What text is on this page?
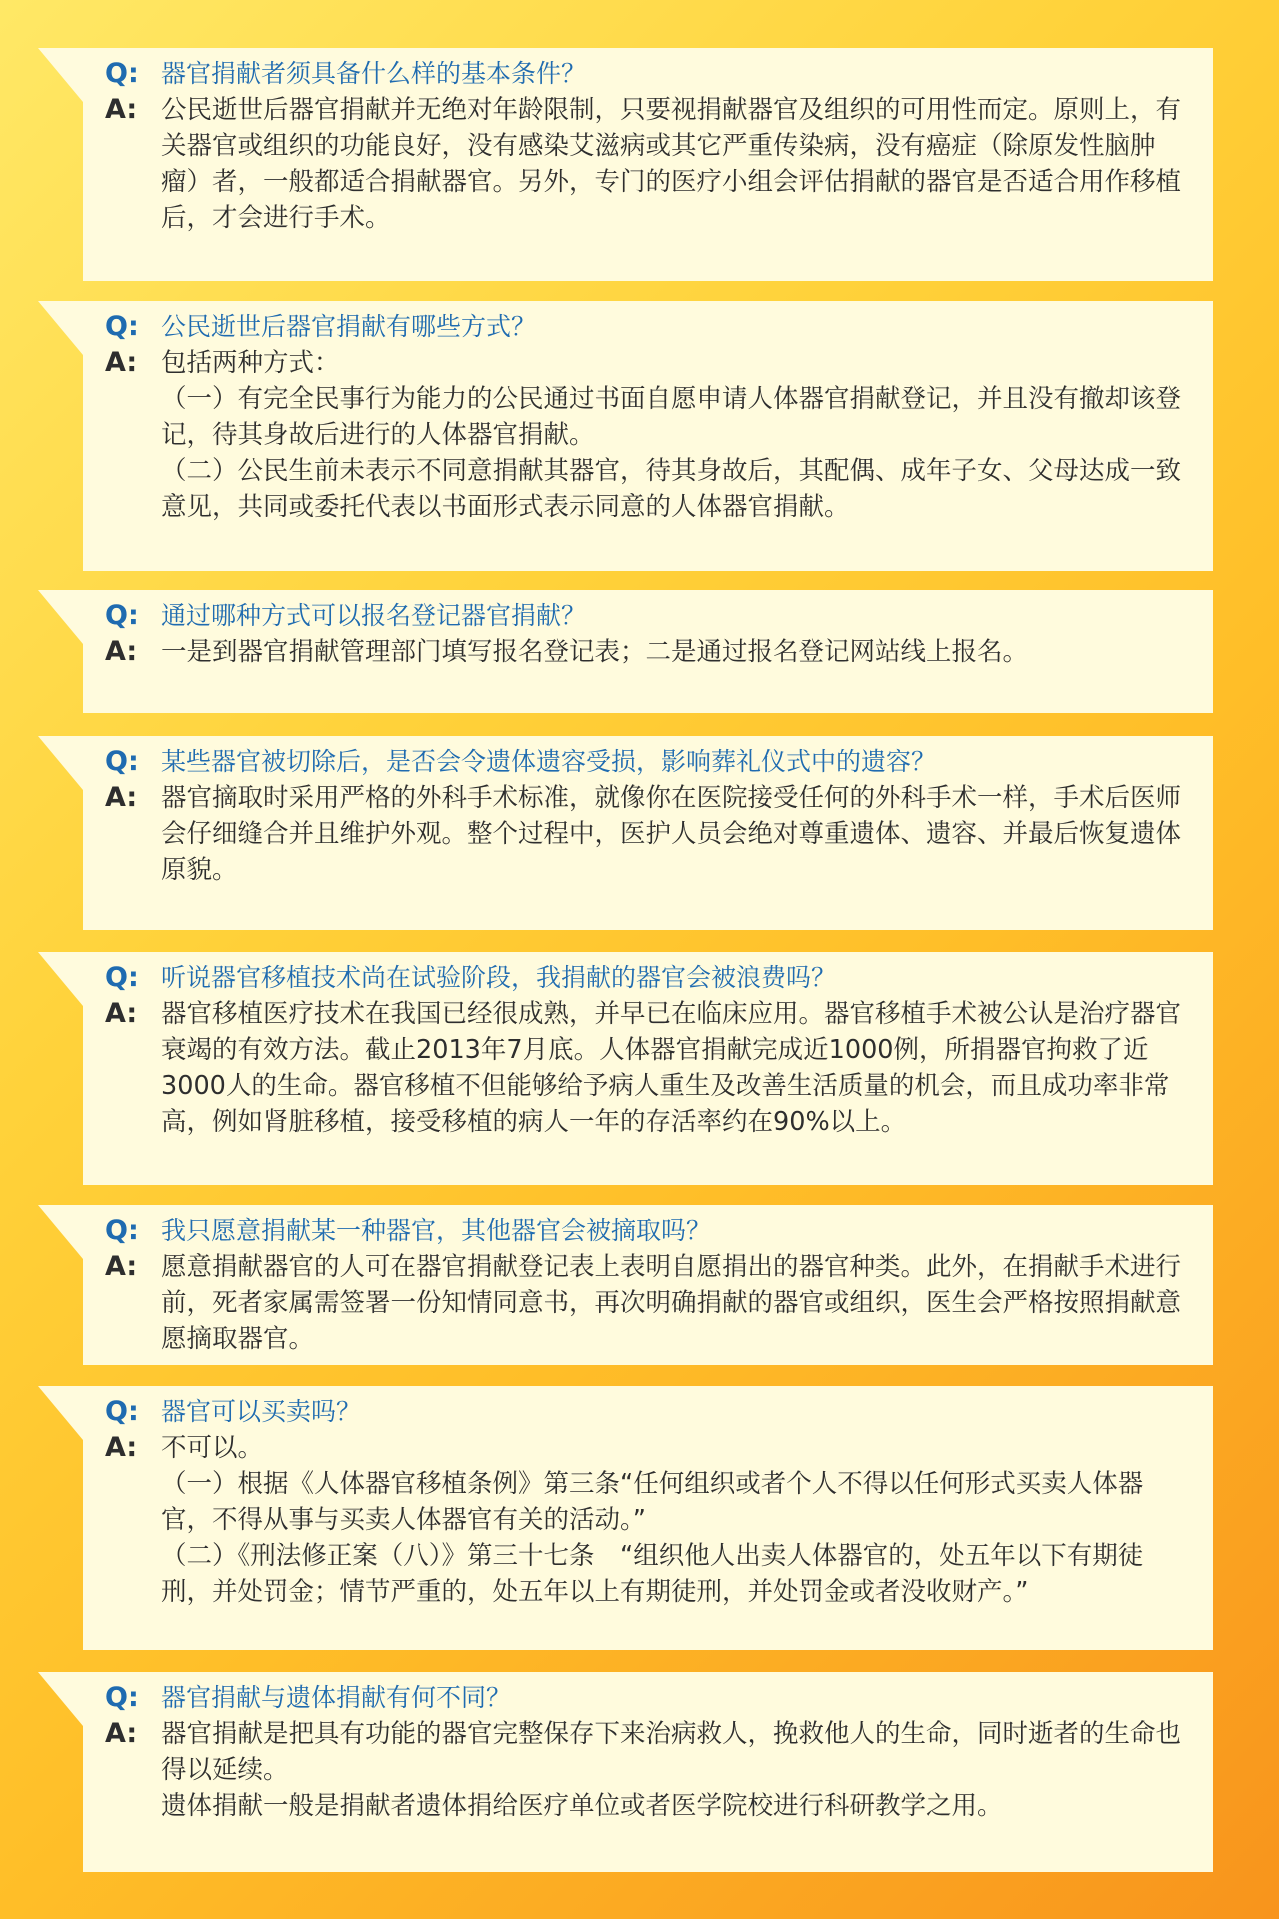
Q: 器官捐献者须具备什么样的基本条件？
A: 公民逝世后器官捐献并无绝对年龄限制，只要视捐献器官及组织的可用性而定。原则上，有关器官或组织的功能良好，没有感染艾滋病或其它严重传染病，没有癌症（除原发性脑肿瘤）者，一般都适合捐献器官。另外，专门的医疗小组会评估捐献的器官是否适合用作移植后，才会进行手术。

Q: 公民逝世后器官捐献有哪些方式？
A: 包括两种方式：

（一）有完全民事行为能力的公民通过书面自愿申请人体器官捐献登记，并且没有撤却该登记，待其身故后进行的人体器官捐献。

（二）公民生前未表示不同意捐献其器官，待其身故后，其配偶、成年子女、父母达成一致意见，共同或委托代表以书面形式表示同意的人体器官捐献。

Q: 通过哪种方式可以报名登记器官捐献？
A: 一是到器官捐献管理部门填写报名登记表；二是通过报名登记网站线上报名。

Q: 某些器官被切除后，是否会令遗体遗容受损，影响葬礼仪式中的遗容？
A: 器官摘取时采用严格的外科手术标准，就像你在医院接受任何的外科手术一样，手术后医师会仔细缝合并且维护外观。整个过程中，医护人员会绝对尊重遗体、遗容、并最后恢复遗体原貌。

Q: 听说器官移植技术尚在试验阶段，我捐献的器官会被浪费吗？
A: 器官移植医疗技术在我国已经很成熟，并早已在临床应用。器官移植手术被公认是治疗器官衰竭的有效方法。截止2013年7月底。人体器官捐献完成近1000例，所捐器官拘救了近3000人的生命。器官移植不但能够给予病人重生及改善生活质量的机会，而且成功率非常高，例如肾脏移植，接受移植的病人一年的存活率约在90%以上。

Q: 我只愿意捐献某一种器官，其他器官会被摘取吗？
A: 愿意捐献器官的人可在器官捐献登记表上表明自愿捐出的器官种类。此外，在捐献手术进行前，死者家属需签署一份知情同意书，再次明确捐献的器官或组织，医生会严格按照捐献意愿摘取器官。

Q: 器官可以买卖吗？
A: 不可以。

（一）根据《人体器官移植条例》第三条“任何组织或者个人不得以任何形式买卖人体器官，不得从事与买卖人体器官有关的活动。”

（二）《刑法修正案（八）》第三十七条　“组织他人出卖人体器官的，处五年以下有期徒刑，并处罚金；情节严重的，处五年以上有期徒刑，并处罚金或者没收财产。”

Q: 器官捐献与遗体捐献有何不同？
A: 器官捐献是把具有功能的器官完整保存下来治病救人，挽救他人的生命，同时逝者的生命也得以延续。

遗体捐献一般是捐献者遗体捐给医疗单位或者医学院校进行科研教学之用。
